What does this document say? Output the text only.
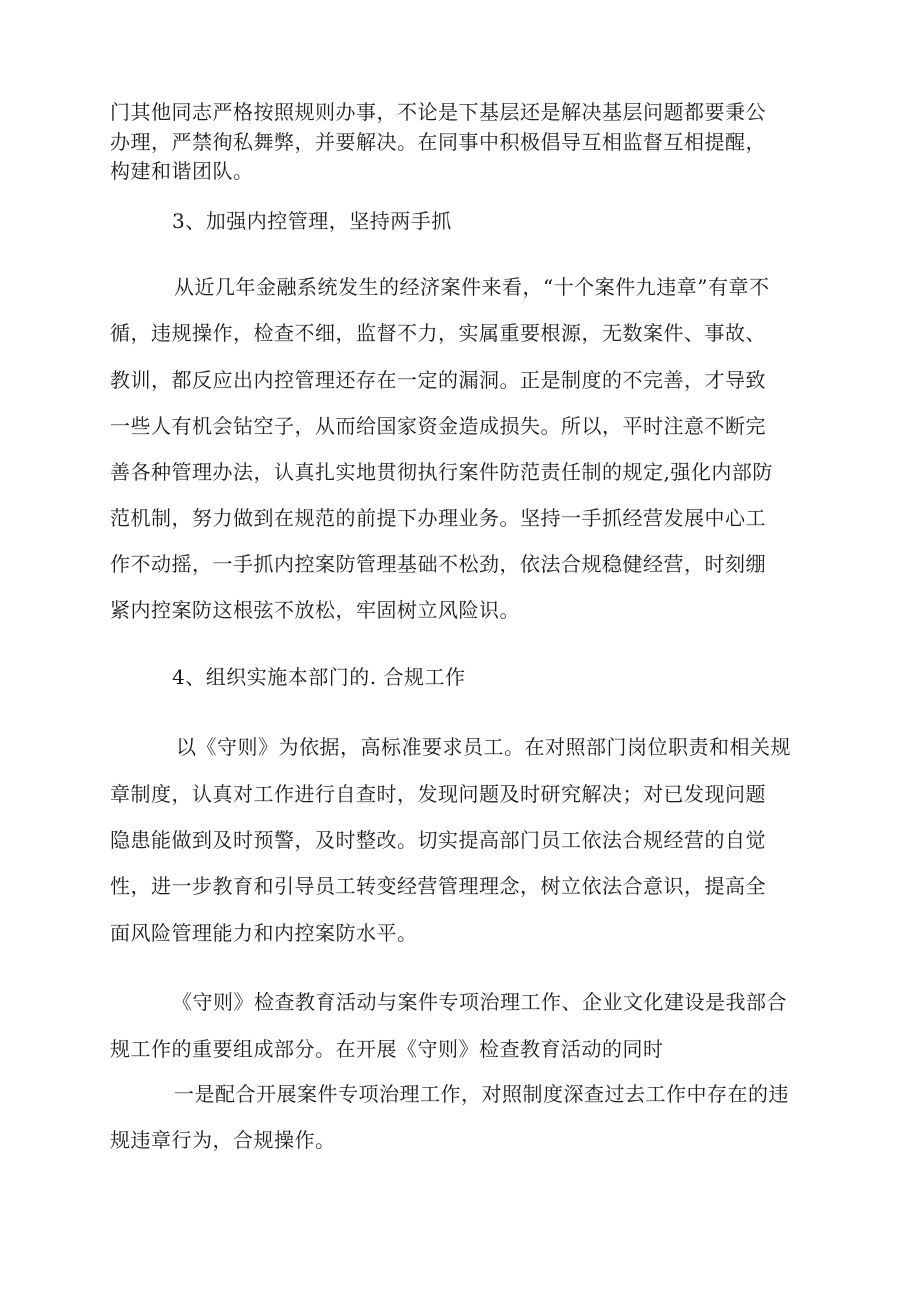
门其他同志严格按照规则办事，不论是下基层还是解决基层问题都要秉公
办理，严禁徇私舞弊，并要解决。在同事中积极倡导互相监督互相提醒，
构建和谐团队。
3、加强内控管理，坚持两手抓
从近几年金融系统发生的经济案件来看，“十个案件九违章”有章不
循，违规操作，检查不细，监督不力，实属重要根源，无数案件、事故、
教训，都反应出内控管理还存在一定的漏洞。正是制度的不完善，才导致
一些人有机会钻空子，从而给国家资金造成损失。所以，平时注意不断完
善各种管理办法，认真扎实地贯彻执行案件防范责任制的规定,强化内部防
范机制，努力做到在规范的前提下办理业务。坚持一手抓经营发展中心工
作不动摇，一手抓内控案防管理基础不松劲，依法合规稳健经营，时刻绷
紧内控案防这根弦不放松，牢固树立风险识。
4、组织实施本部门的. 合规工作
以《守则》为依据，高标准要求员工。在对照部门岗位职责和相关规
章制度，认真对工作进行自查时，发现问题及时研究解决；对已发现问题
隐患能做到及时预警，及时整改。切实提高部门员工依法合规经营的自觉
性，进一步教育和引导员工转变经营管理理念，树立依法合意识，提高全
面风险管理能力和内控案防水平。
《守则》检查教育活动与案件专项治理工作、企业文化建设是我部合
规工作的重要组成部分。在开展《守则》检查教育活动的同时
一是配合开展案件专项治理工作，对照制度深查过去工作中存在的违
规违章行为，合规操作。
